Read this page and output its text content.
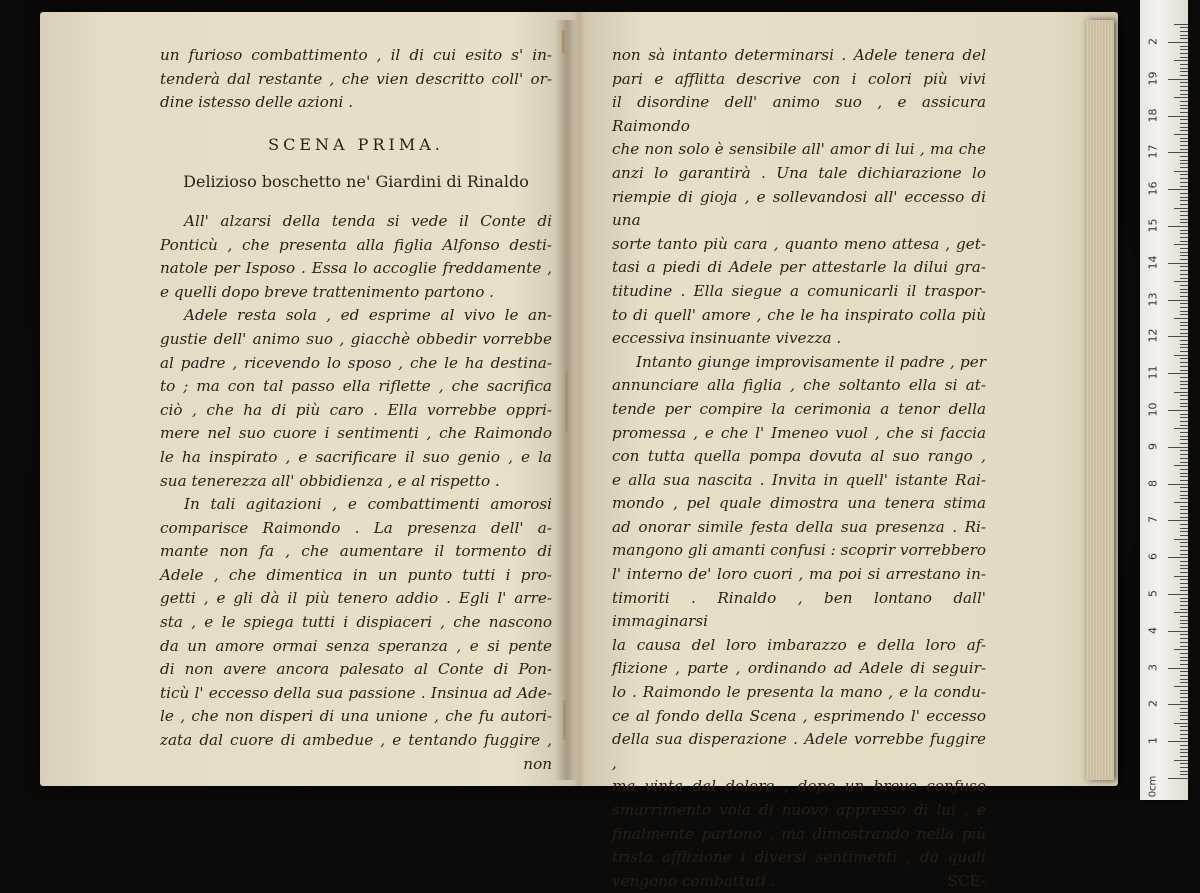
un furioso combattimento , il di cui esito s' in-
tenderà dal restante , che vien descritto coll' or-
dine istesso delle azioni .
SCENA PRIMA.
Delizioso boschetto ne' Giardini di Rinaldo
All' alzarsi della tenda si vede il Conte di
Ponticù , che presenta alla figlia Alfonso desti-
natole per Isposo . Essa lo accoglie freddamente ,
e quelli dopo breve trattenimento partono .
Adele resta sola , ed esprime al vivo le an-
gustie dell' animo suo , giacchè obbedir vorrebbe
al padre , ricevendo lo sposo , che le ha destina-
to ; ma con tal passo ella riflette , che sacrifica
ciò , che ha di più caro . Ella vorrebbe oppri-
mere nel suo cuore i sentimenti , che Raimondo
le ha inspirato , e sacrificare il suo genio , e la
sua tenerezza all' obbidienza , e al rispetto .
In tali agitazioni , e combattimenti amorosi
comparisce Raimondo . La presenza dell' a-
mante non fa , che aumentare il tormento di
Adele , che dimentica in un punto tutti i pro-
getti , e gli dà il più tenero addio . Egli l' arre-
sta , e le spiega tutti i dispiaceri , che nascono
da un amore ormai senza speranza , e si pente
di non avere ancora palesato al Conte di Pon-
ticù l' eccesso della sua passione . Insinua ad Ade-
le , che non disperi di una unione , che fu autori-
zata dal cuore di ambedue , e tentando fuggire ,
non
non sà intanto determinarsi . Adele tenera del
pari e afflitta descrive con i colori più vivi
il disordine dell' animo suo , e assicura Raimondo
che non solo è sensibile all' amor di lui , ma che
anzi lo garantirà . Una tale dichiarazione lo
riempie di gioja , e sollevandosi all' eccesso di una
sorte tanto più cara , quanto meno attesa , get-
tasi a piedi di Adele per attestarle la dilui gra-
titudine . Ella siegue a comunicarli il traspor-
to di quell' amore , che le ha inspirato colla più
eccessiva insinuante vivezza .
Intanto giunge improvisamente il padre , per
annunciare alla figlia , che soltanto ella si at-
tende per compire la cerimonia a tenor della
promessa , e che l' Imeneo vuol , che si faccia
con tutta quella pompa dovuta al suo rango ,
e alla sua nascita . Invita in quell' istante Rai-
mondo , pel quale dimostra una tenera stima
ad onorar simile festa della sua presenza . Ri-
mangono gli amanti confusi : scoprir vorrebbero
l' interno de' loro cuori , ma poi si arrestano in-
timoriti . Rinaldo , ben lontano dall' immaginarsi
la causa del loro imbarazzo e della loro af-
flizione , parte , ordinando ad Adele di seguir-
lo . Raimondo le presenta la mano , e la condu-
ce al fondo della Scena , esprimendo l' eccesso
della sua disperazione . Adele vorrebbe fuggire ,
ma vinta dal dolore , dopo un breve confuso
smarrimento vola di nuovo appresso di lui , e
finalmente partono , ma dimostrando nella più
trista afflizione i diversi sentimenti , da quali
vengono combattuti .	SCE-
0cm
1
2
3
4
5
6
7
8
9
10
11
12
13
14
15
16
17
18
19
2
